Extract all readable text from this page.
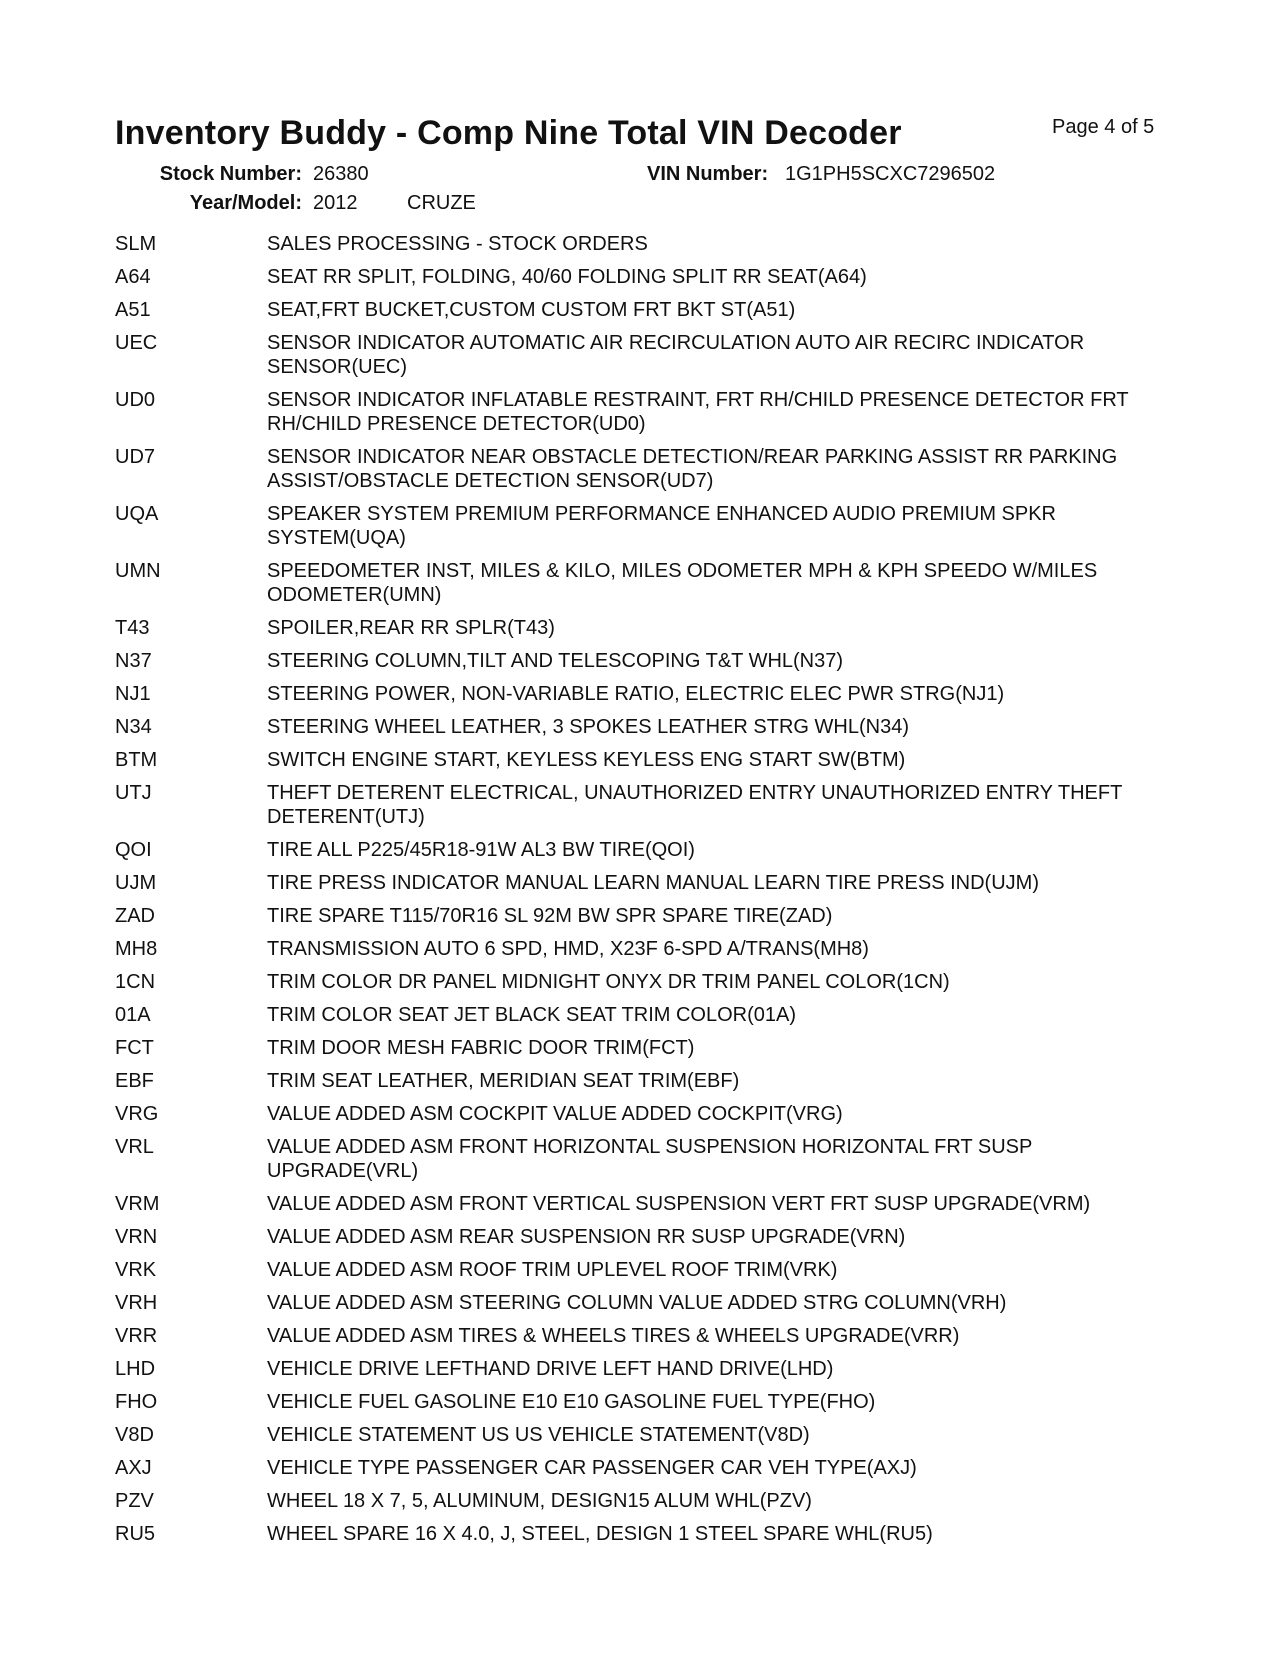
Inventory Buddy - Comp Nine Total VIN Decoder	Page 4 of 5
Stock Number: 26380	VIN Number: 1G1PH5SCXC7296502
Year/Model: 2012 CRUZE
SLM	SALES PROCESSING - STOCK ORDERS
A64	SEAT RR SPLIT, FOLDING, 40/60 FOLDING SPLIT RR SEAT(A64)
A51	SEAT,FRT BUCKET,CUSTOM CUSTOM FRT BKT ST(A51)
UEC	SENSOR INDICATOR AUTOMATIC AIR RECIRCULATION AUTO AIR RECIRC INDICATOR SENSOR(UEC)
UD0	SENSOR INDICATOR INFLATABLE RESTRAINT, FRT RH/CHILD PRESENCE DETECTOR FRT RH/CHILD PRESENCE DETECTOR(UD0)
UD7	SENSOR INDICATOR NEAR OBSTACLE DETECTION/REAR PARKING ASSIST RR PARKING ASSIST/OBSTACLE DETECTION SENSOR(UD7)
UQA	SPEAKER SYSTEM PREMIUM PERFORMANCE ENHANCED AUDIO PREMIUM SPKR SYSTEM(UQA)
UMN	SPEEDOMETER INST, MILES & KILO, MILES ODOMETER MPH & KPH SPEEDO W/MILES ODOMETER(UMN)
T43	SPOILER,REAR RR SPLR(T43)
N37	STEERING COLUMN,TILT AND TELESCOPING T&T WHL(N37)
NJ1	STEERING POWER, NON-VARIABLE RATIO, ELECTRIC ELEC PWR STRG(NJ1)
N34	STEERING WHEEL LEATHER, 3 SPOKES LEATHER STRG WHL(N34)
BTM	SWITCH ENGINE START, KEYLESS KEYLESS ENG START SW(BTM)
UTJ	THEFT DETERENT ELECTRICAL, UNAUTHORIZED ENTRY UNAUTHORIZED ENTRY THEFT DETERENT(UTJ)
QOI	TIRE ALL P225/45R18-91W AL3 BW TIRE(QOI)
UJM	TIRE PRESS INDICATOR MANUAL LEARN MANUAL LEARN TIRE PRESS IND(UJM)
ZAD	TIRE SPARE T115/70R16 SL 92M BW SPR SPARE TIRE(ZAD)
MH8	TRANSMISSION AUTO 6 SPD, HMD, X23F 6-SPD A/TRANS(MH8)
1CN	TRIM COLOR DR PANEL MIDNIGHT ONYX DR TRIM PANEL COLOR(1CN)
01A	TRIM COLOR SEAT JET BLACK SEAT TRIM COLOR(01A)
FCT	TRIM DOOR MESH FABRIC DOOR TRIM(FCT)
EBF	TRIM SEAT LEATHER, MERIDIAN SEAT TRIM(EBF)
VRG	VALUE ADDED ASM COCKPIT VALUE ADDED COCKPIT(VRG)
VRL	VALUE ADDED ASM FRONT HORIZONTAL SUSPENSION HORIZONTAL FRT SUSP UPGRADE(VRL)
VRM	VALUE ADDED ASM FRONT VERTICAL SUSPENSION VERT FRT SUSP UPGRADE(VRM)
VRN	VALUE ADDED ASM REAR SUSPENSION RR SUSP UPGRADE(VRN)
VRK	VALUE ADDED ASM ROOF TRIM UPLEVEL ROOF TRIM(VRK)
VRH	VALUE ADDED ASM STEERING COLUMN VALUE ADDED STRG COLUMN(VRH)
VRR	VALUE ADDED ASM TIRES & WHEELS TIRES & WHEELS UPGRADE(VRR)
LHD	VEHICLE DRIVE LEFTHAND DRIVE LEFT HAND DRIVE(LHD)
FHO	VEHICLE FUEL GASOLINE E10 E10 GASOLINE FUEL TYPE(FHO)
V8D	VEHICLE STATEMENT US US VEHICLE STATEMENT(V8D)
AXJ	VEHICLE TYPE PASSENGER CAR PASSENGER CAR VEH TYPE(AXJ)
PZV	WHEEL 18 X 7, 5, ALUMINUM, DESIGN15 ALUM WHL(PZV)
RU5	WHEEL SPARE 16 X 4.0, J, STEEL, DESIGN 1 STEEL SPARE WHL(RU5)
